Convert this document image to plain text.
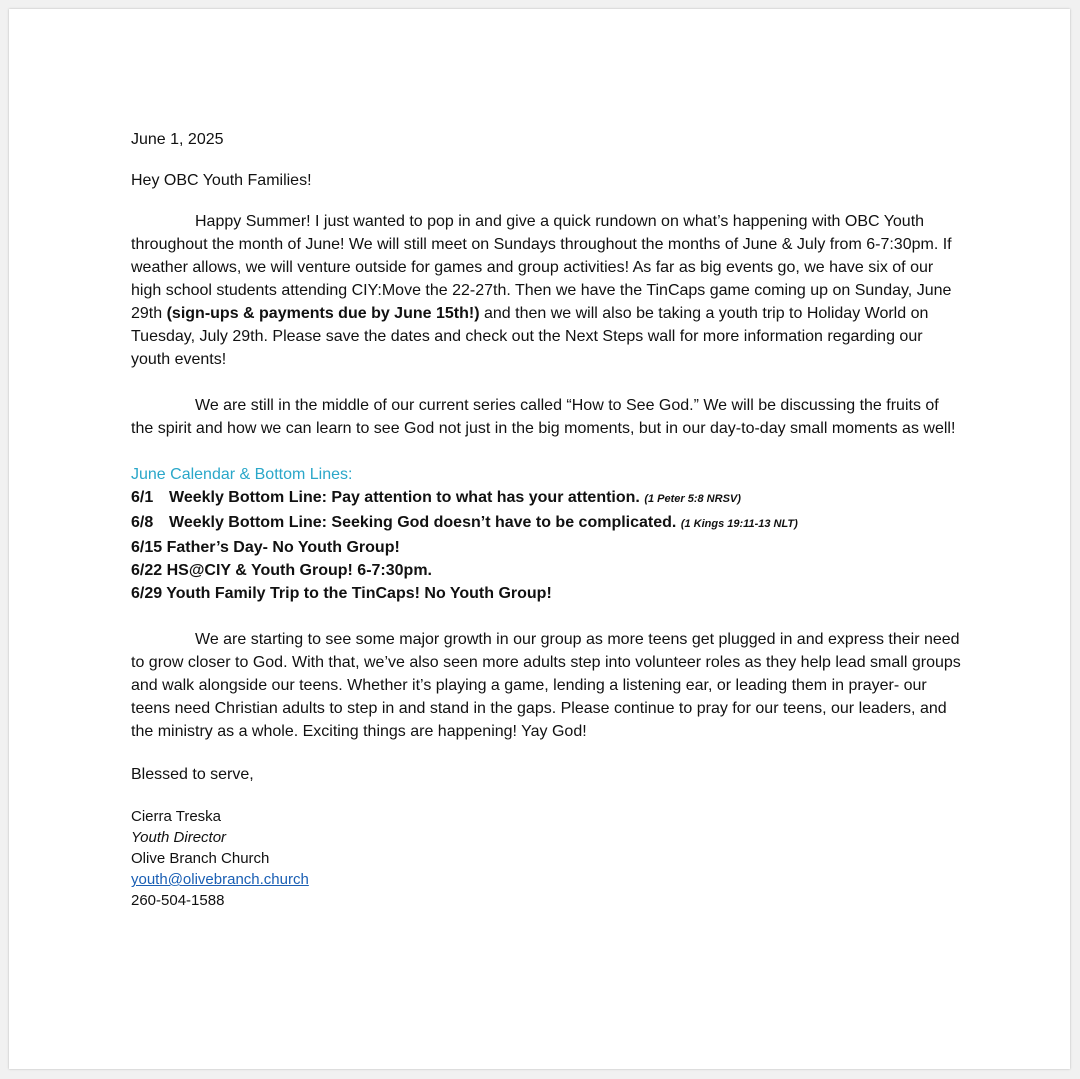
June 1, 2025

Hey OBC Youth Families!

Happy Summer! I just wanted to pop in and give a quick rundown on what’s happening with OBC Youth throughout the month of June! We will still meet on Sundays throughout the months of June & July from 6-7:30pm. If weather allows, we will venture outside for games and group activities! As far as big events go, we have six of our high school students attending CIY:Move the 22-27th. Then we have the TinCaps game coming up on Sunday, June 29th (sign-ups & payments due by June 15th!) and then we will also be taking a youth trip to Holiday World on Tuesday, July 29th. Please save the dates and check out the Next Steps wall for more information regarding our youth events!

We are still in the middle of our current series called “How to See God.” We will be discussing the fruits of the spirit and how we can learn to see God not just in the big moments, but in our day-to-day small moments as well!

June Calendar & Bottom Lines:

6/1 Weekly Bottom Line: Pay attention to what has your attention. (1 Peter 5:8 NRSV)

6/8 Weekly Bottom Line: Seeking God doesn’t have to be complicated. (1 Kings 19:11-13 NLT)

6/15 Father’s Day- No Youth Group!

6/22 HS@CIY & Youth Group! 6-7:30pm.

6/29 Youth Family Trip to the TinCaps! No Youth Group!

We are starting to see some major growth in our group as more teens get plugged in and express their need to grow closer to God. With that, we’ve also seen more adults step into volunteer roles as they help lead small groups and walk alongside our teens. Whether it’s playing a game, lending a listening ear, or leading them in prayer- our teens need Christian adults to step in and stand in the gaps. Please continue to pray for our teens, our leaders, and the ministry as a whole. Exciting things are happening! Yay God!

Blessed to serve,

Cierra Treska

Youth Director

Olive Branch Church

youth@olivebranch.church

260-504-1588
